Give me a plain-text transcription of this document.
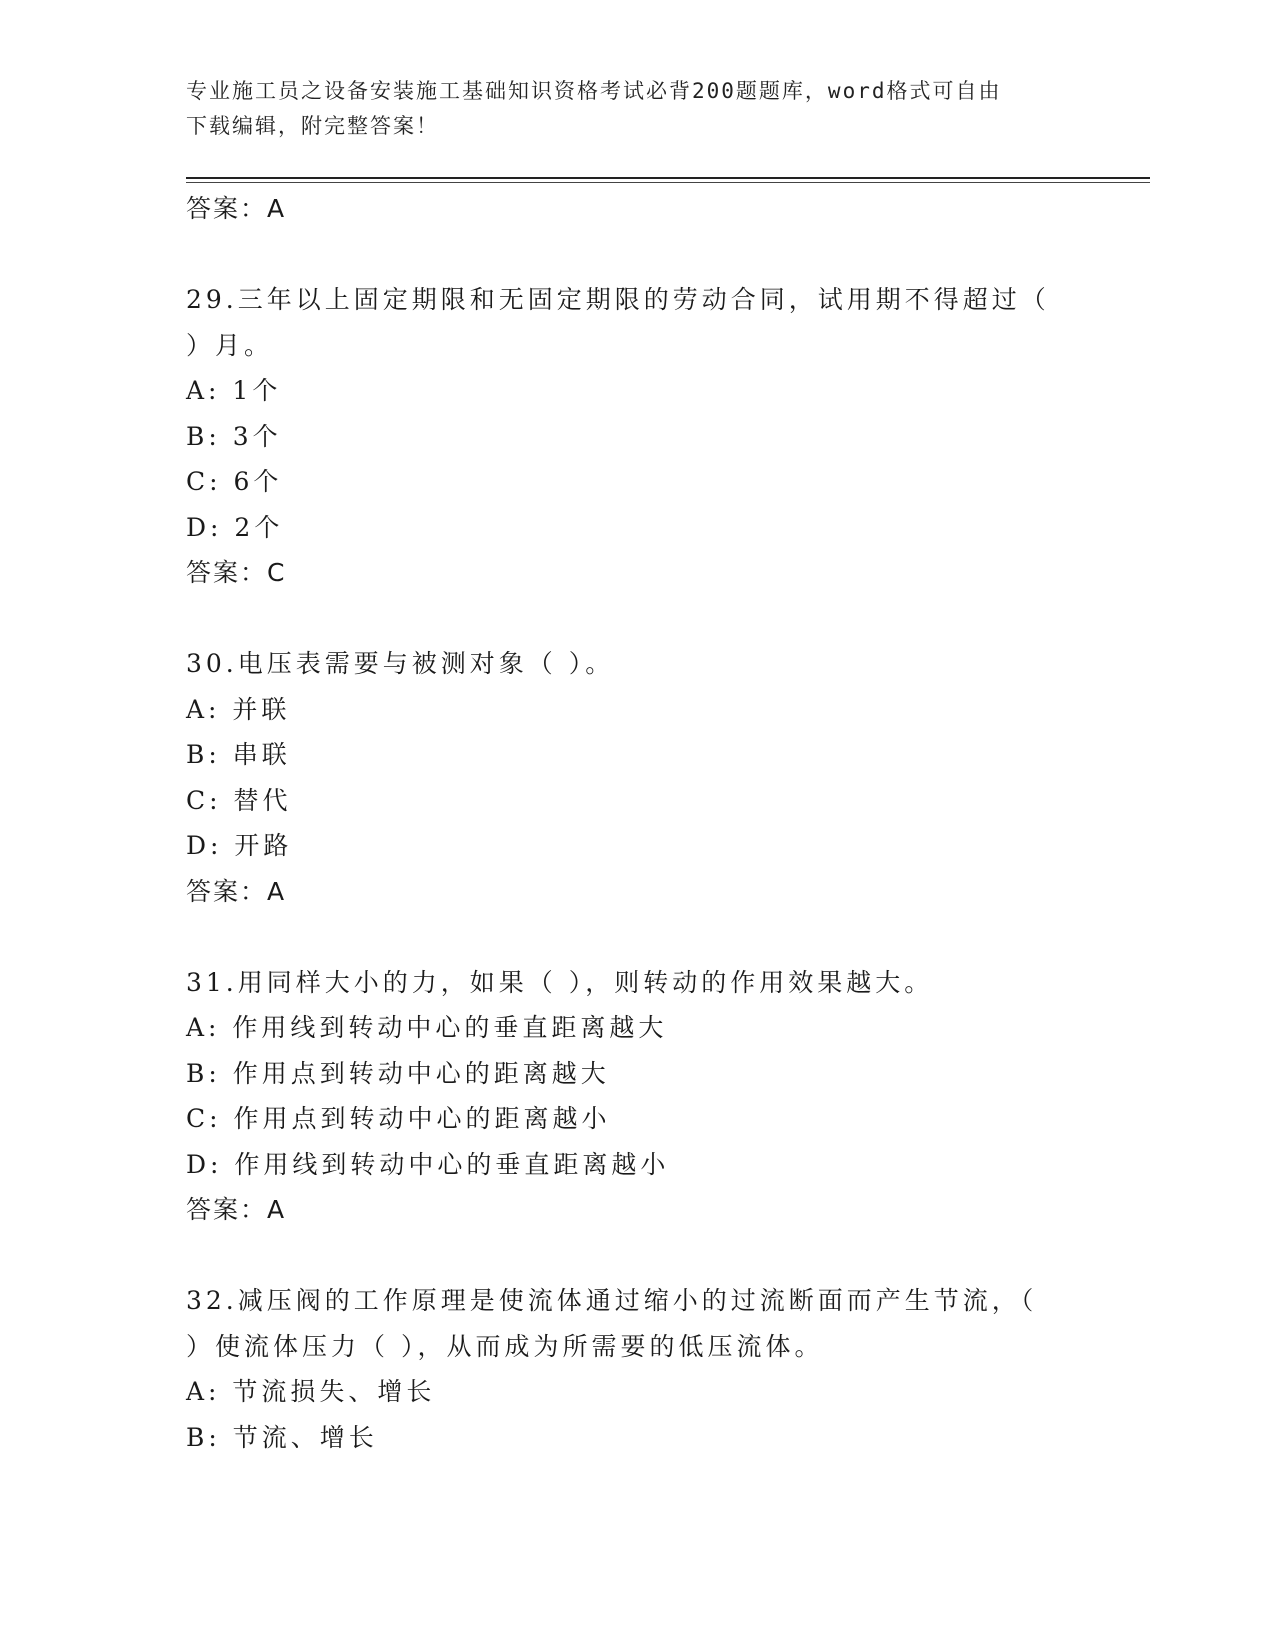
专业施工员之设备安装施工基础知识资格考试必背200题题库，word格式可自由
下载编辑，附完整答案！
答案：A
29.三年以上固定期限和无固定期限的劳动合同，试用期不得超过（
）月。
A: 1个
B: 3个
C: 6个
D: 2个
答案：C
30.电压表需要与被测对象（ ）。
A: 并联
B: 串联
C: 替代
D: 开路
答案：A
31.用同样大小的力，如果（ ），则转动的作用效果越大。
A: 作用线到转动中心的垂直距离越大
B: 作用点到转动中心的距离越大
C: 作用点到转动中心的距离越小
D: 作用线到转动中心的垂直距离越小
答案：A
32.减压阀的工作原理是使流体通过缩小的过流断面而产生节流，（
）使流体压力（ ），从而成为所需要的低压流体。
A: 节流损失、增长
B: 节流、增长
